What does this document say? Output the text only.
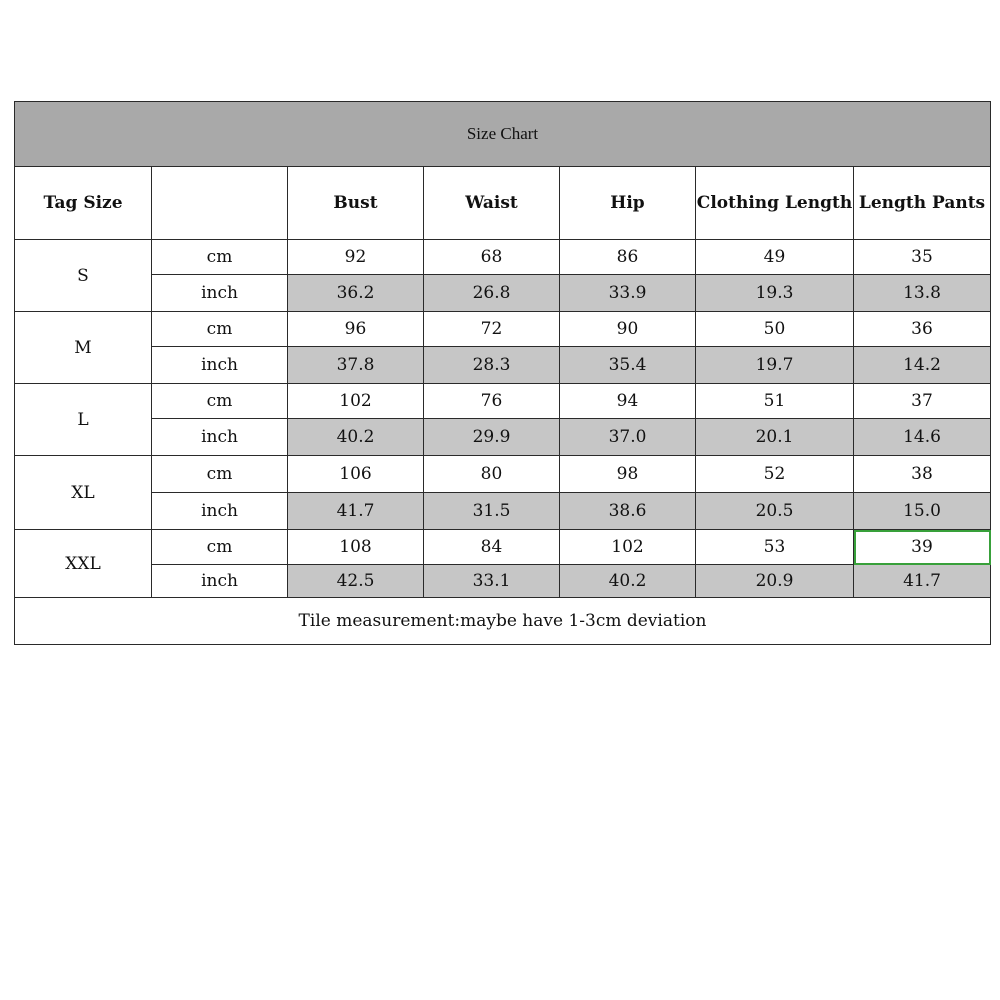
Size Chart						
Tag Size		Bust	Waist	Hip	Clothing Length	Length Pants
S	cm	92	68	86	49	35
	inch	36.2	26.8	33.9	19.3	13.8
M	cm	96	72	90	50	36
	inch	37.8	28.3	35.4	19.7	14.2
L	cm	102	76	94	51	37
	inch	40.2	29.9	37.0	20.1	14.6
XL	cm	106	80	98	52	38
	inch	41.7	31.5	38.6	20.5	15.0
XXL	cm	108	84	102	53	39
	inch	42.5	33.1	40.2	20.9	41.7
Tile measurement:maybe have 1-3cm deviation						
